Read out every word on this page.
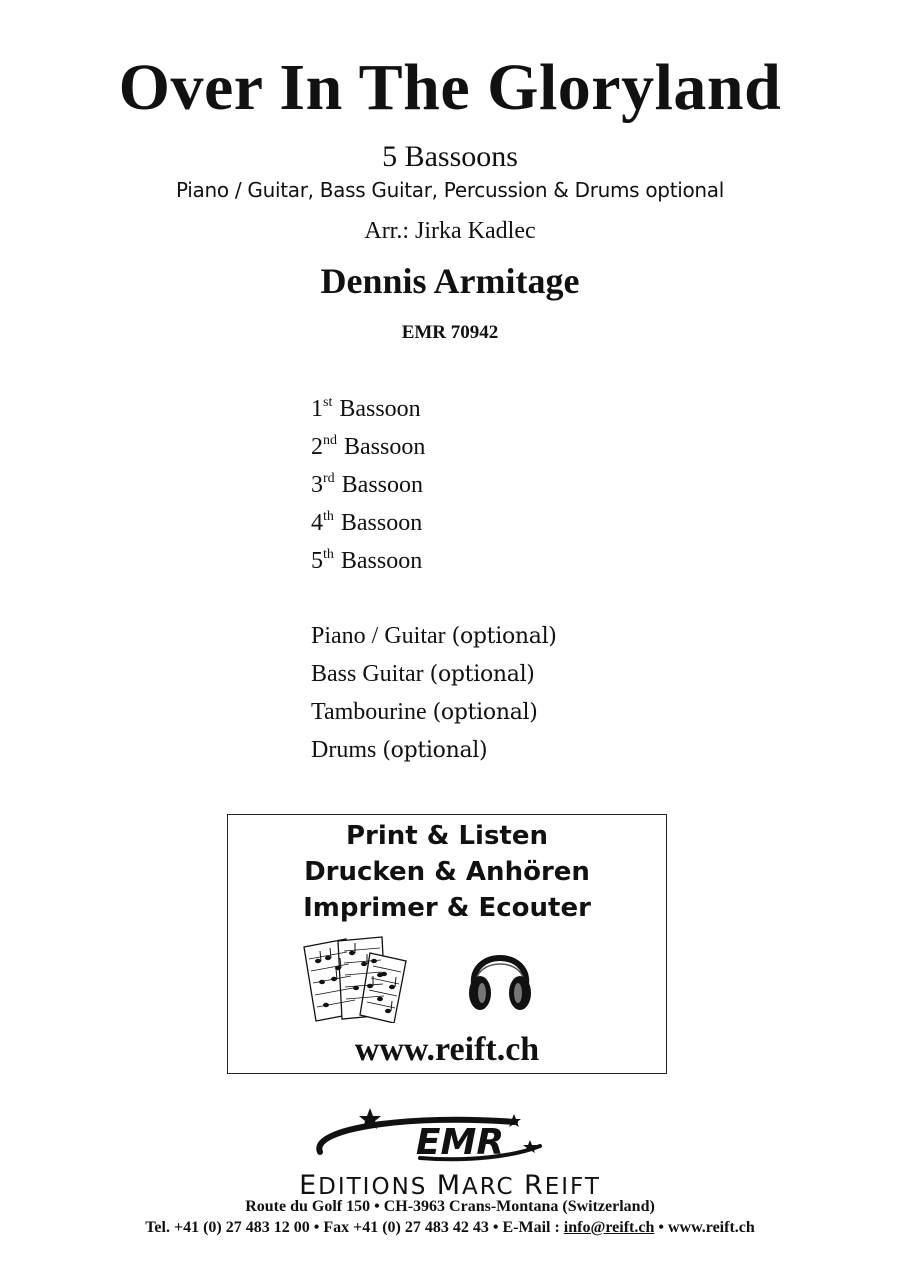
Over In The Gloryland
5 Bassoons
Piano / Guitar, Bass Guitar, Percussion & Drums optional
Arr.: Jirka Kadlec
Dennis Armitage
EMR 70942
1st Bassoon
2nd Bassoon
3rd Bassoon
4th Bassoon
5th Bassoon
Piano / Guitar (optional)
Bass Guitar (optional)
Tambourine (optional)
Drums (optional)
Print & Listen
Drucken & Anhören
Imprimer & Ecouter
www.reift.ch
EMR
EDITIONS MARC REIFT
Route du Golf 150 • CH-3963 Crans-Montana (Switzerland)
Tel. +41 (0) 27 483 12 00 • Fax +41 (0) 27 483 42 43 • E-Mail : info@reift.ch • www.reift.ch
